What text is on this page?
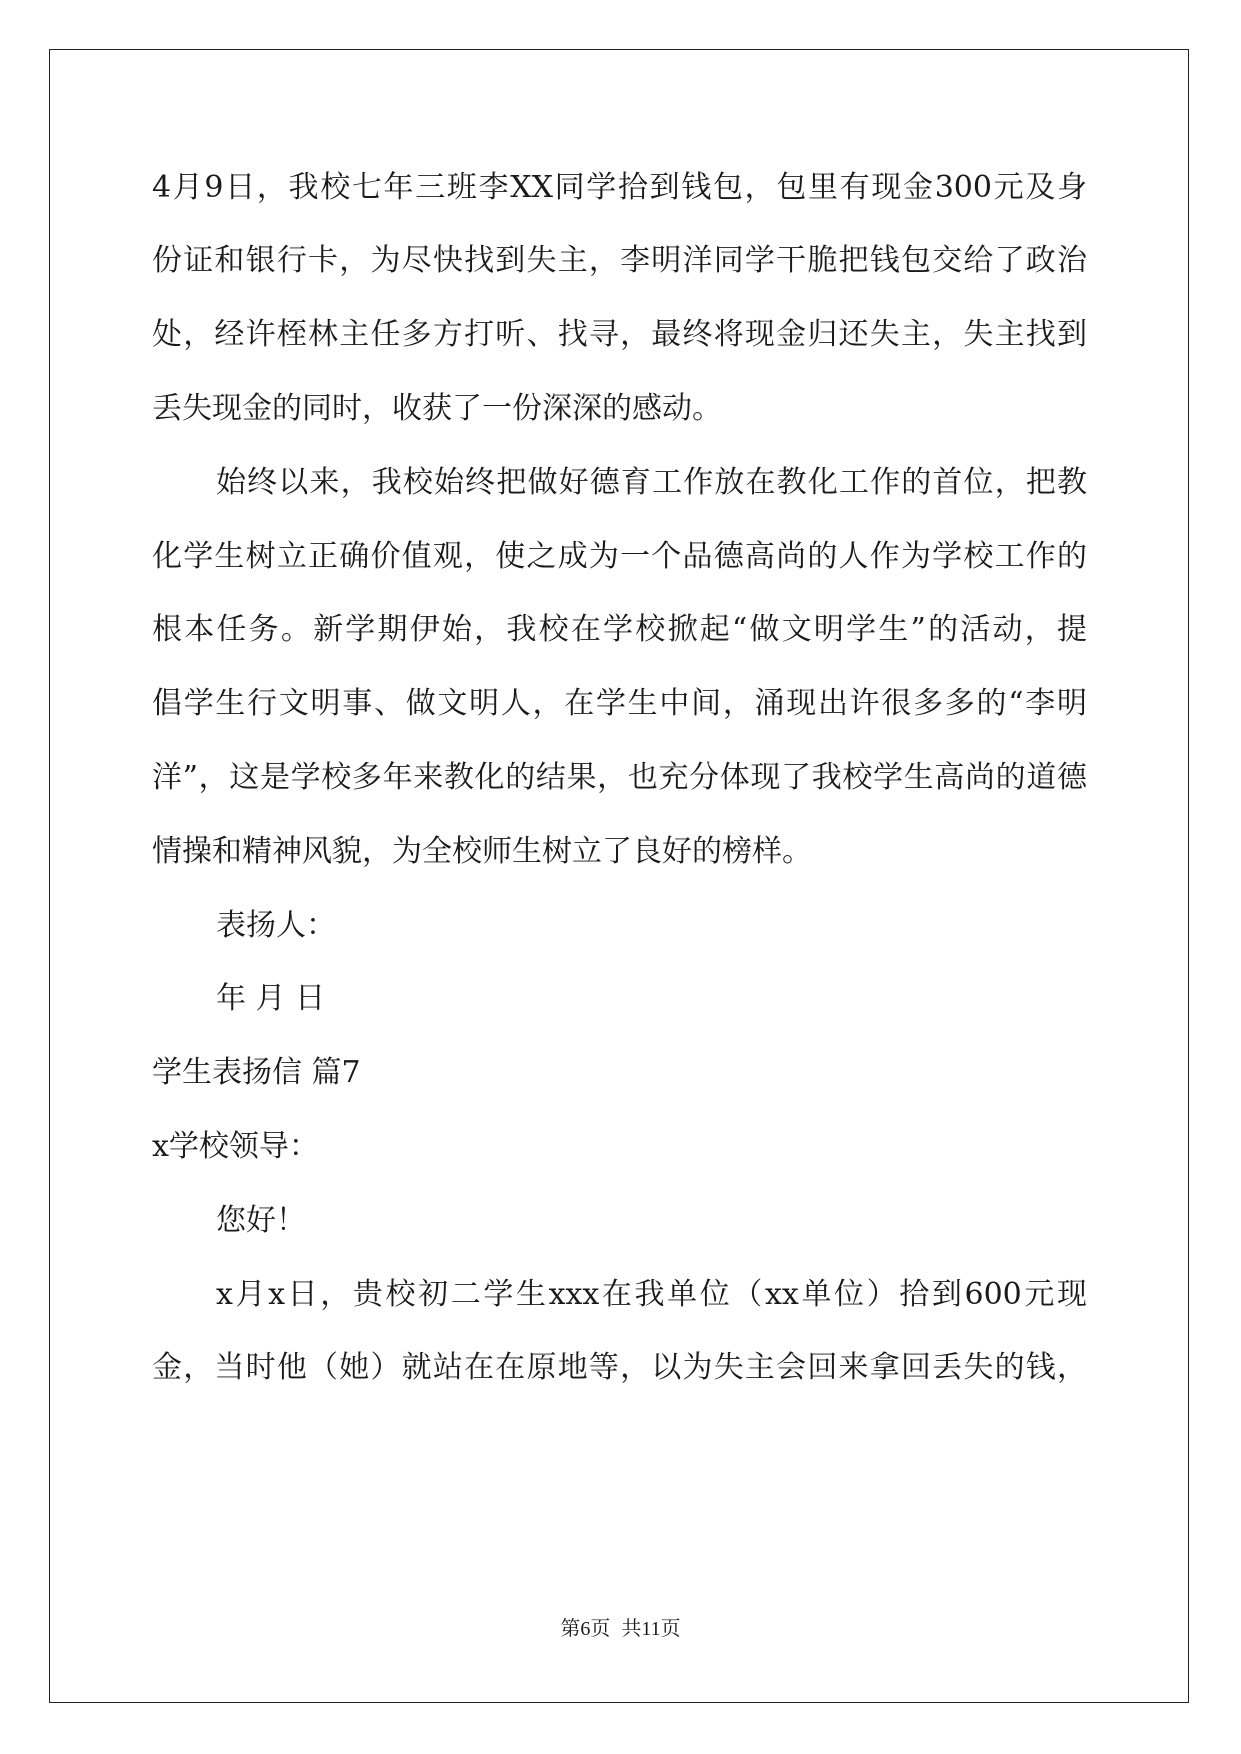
4月9日，我校七年三班李XX同学拾到钱包，包里有现金300元及身
份证和银行卡，为尽快找到失主，李明洋同学干脆把钱包交给了政治
处，经许桎林主任多方打听、找寻，最终将现金归还失主，失主找到
丢失现金的同时，收获了一份深深的感动。
始终以来，我校始终把做好德育工作放在教化工作的首位，把教
化学生树立正确价值观，使之成为一个品德高尚的人作为学校工作的
根本任务。新学期伊始，我校在学校掀起“做文明学生”的活动，提
倡学生行文明事、做文明人，在学生中间，涌现出许很多多的“李明
洋”，这是学校多年来教化的结果，也充分体现了我校学生高尚的道德
情操和精神风貌，为全校师生树立了良好的榜样。
表扬人：
年 月 日
学生表扬信 篇7
x学校领导：
您好！
x月x日，贵校初二学生xxx在我单位（xx单位）拾到600元现
金，当时他（她）就站在在原地等，以为失主会回来拿回丢失的钱，
第6页 共11页
